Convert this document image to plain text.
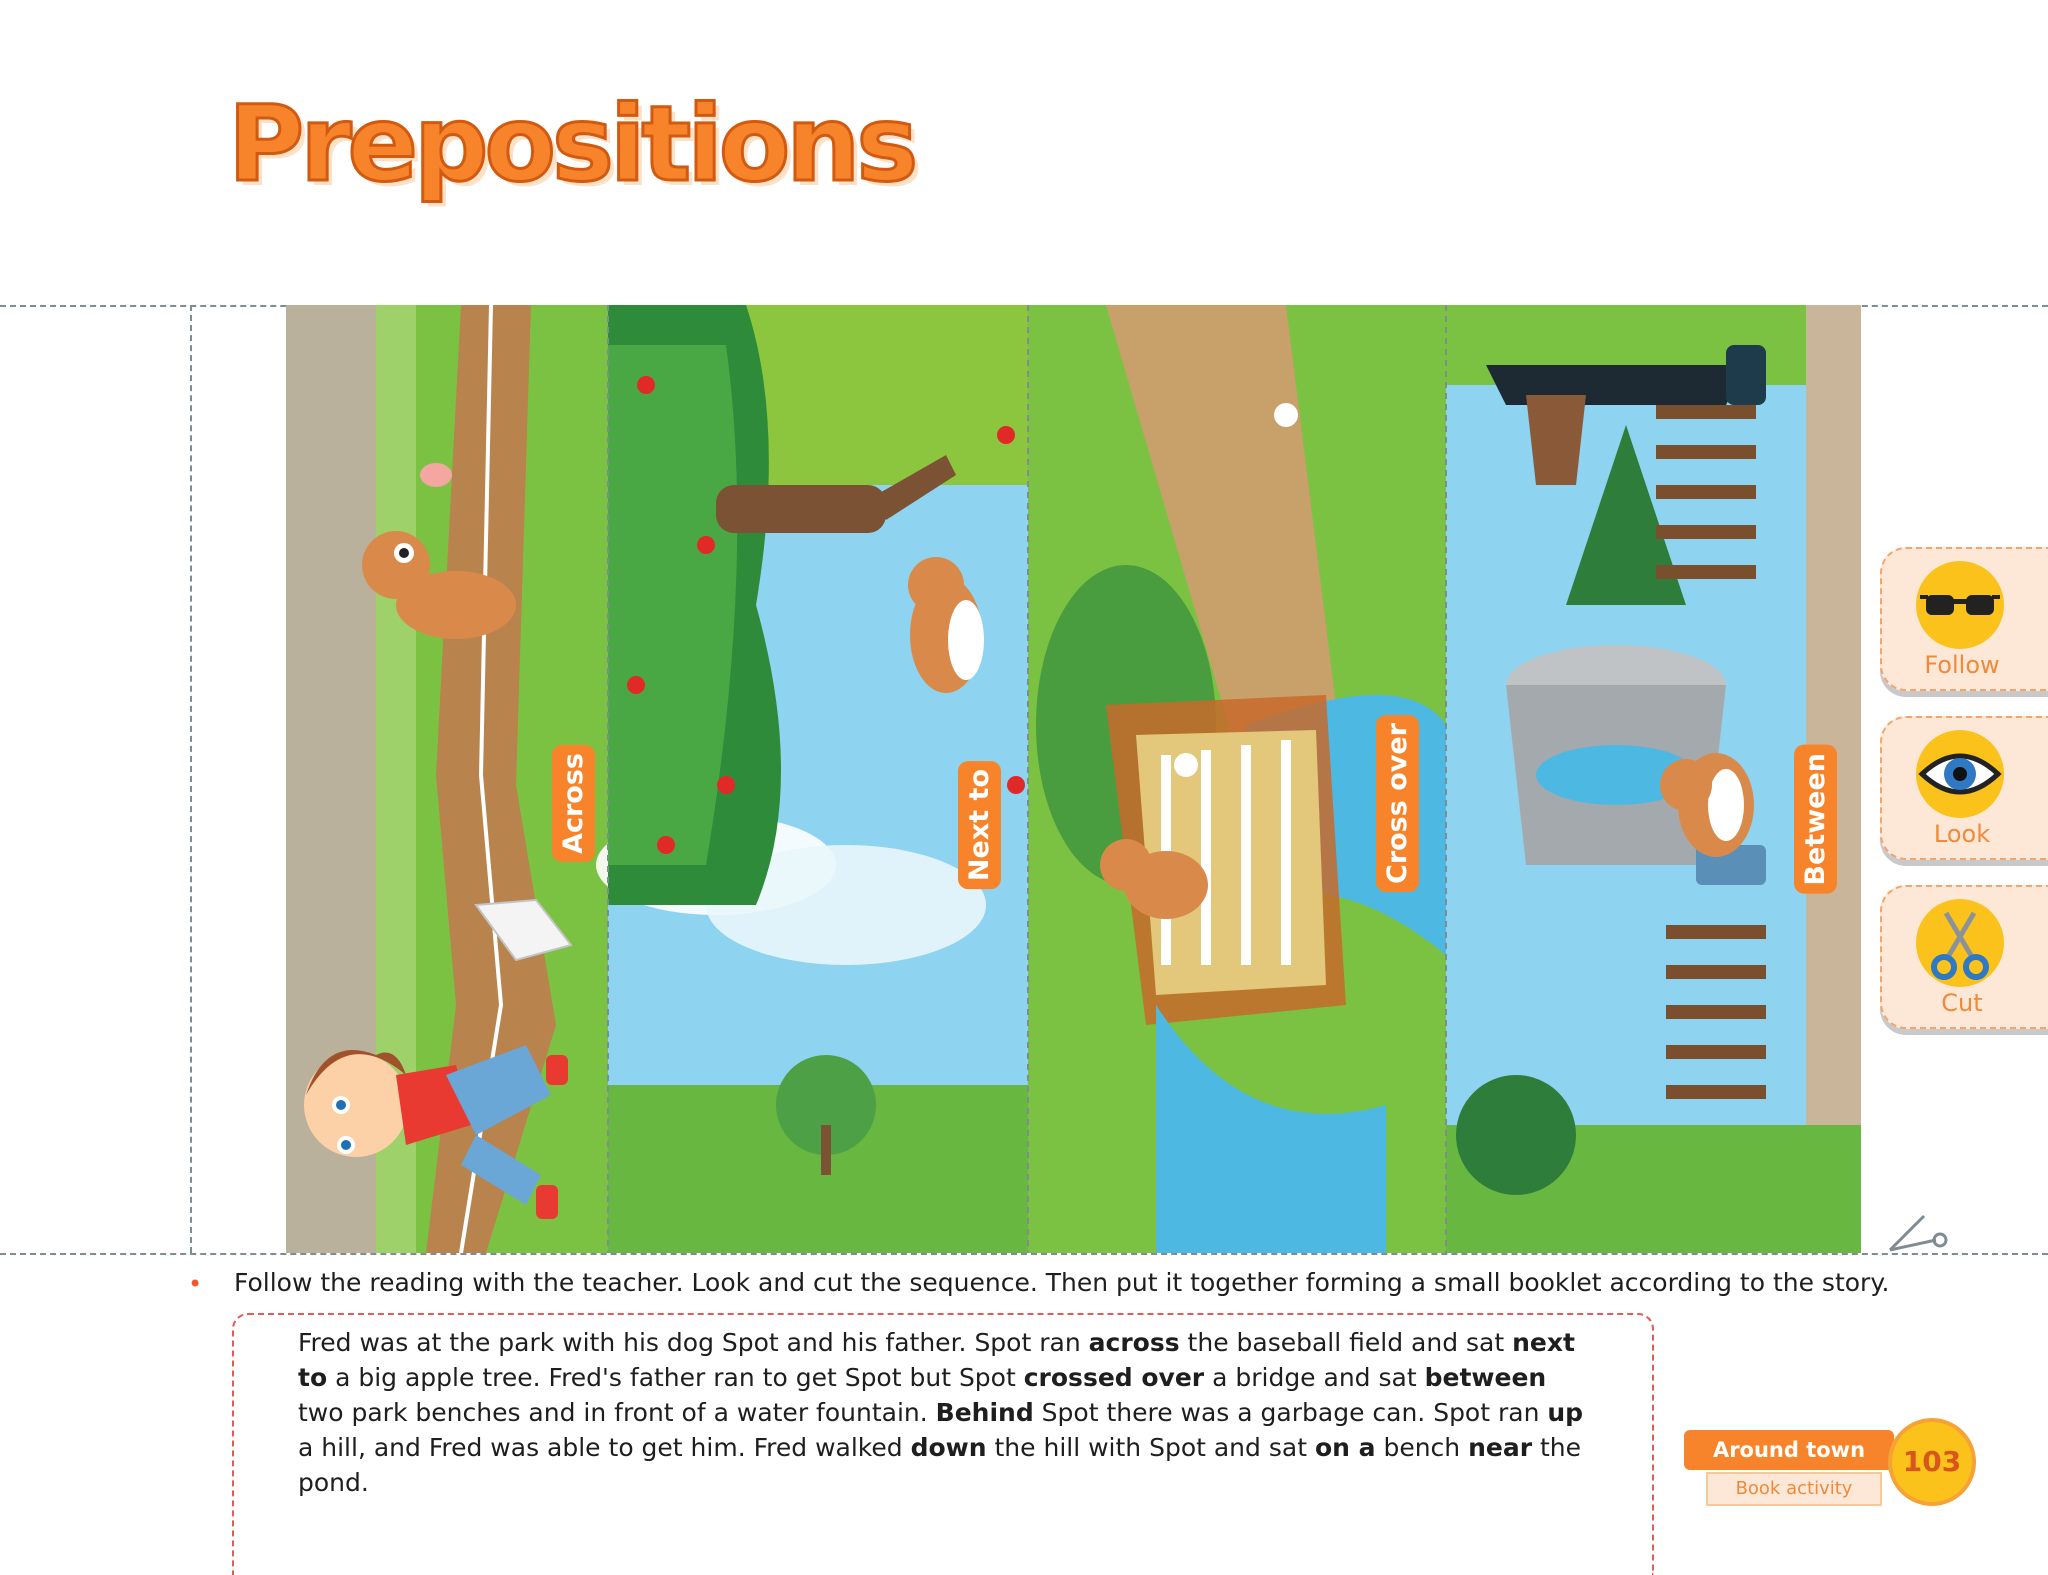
Prepositions
Across	Next to	Cross over	Between
Follow
Look
Cut
• Follow the reading with the teacher. Look and cut the sequence. Then put it together forming a small booklet according to the story.
Fred was at the park with his dog Spot and his father. Spot ran across the baseball field and sat next to a big apple tree. Fred's father ran to get Spot but Spot crossed over a bridge and sat between two park benches and in front of a water fountain. Behind Spot there was a garbage can. Spot ran up a hill, and Fred was able to get him. Fred walked down the hill with Spot and sat on a bench near the pond.
Around town
Book activity
103
